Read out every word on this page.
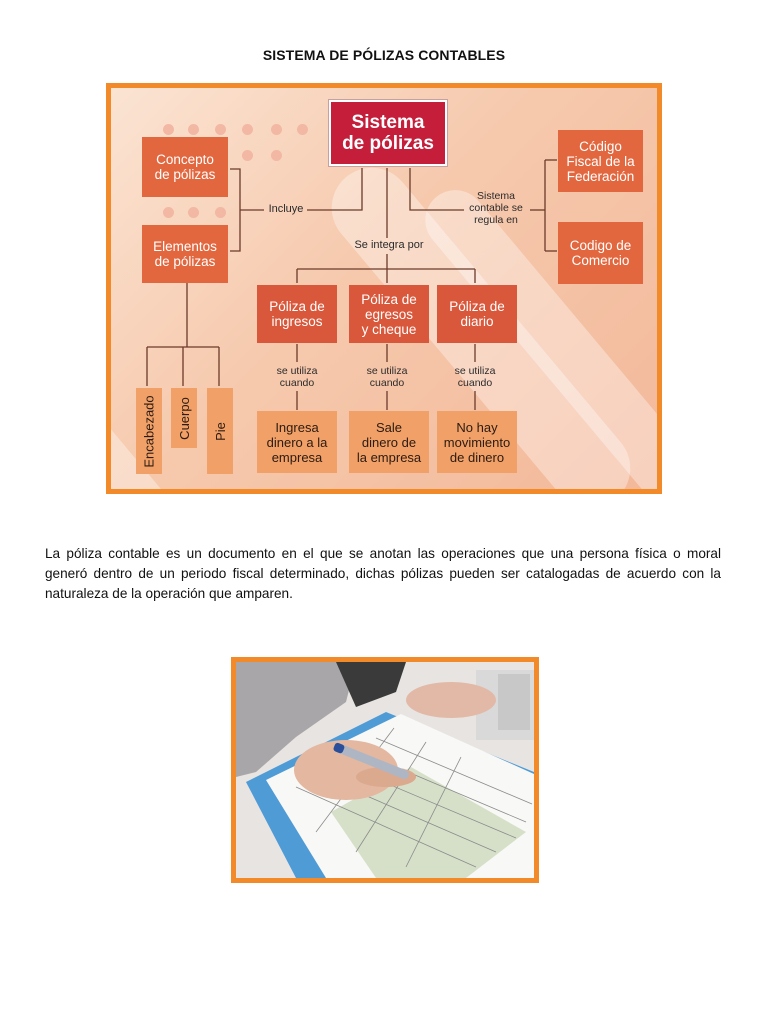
SISTEMA DE PÓLIZAS CONTABLES
Sistema
de pólizas
Concepto
de pólizas
Elementos
de pólizas
Incluye
Se integra por
Sistema
contable se
regula en
Código
Fiscal de la
Federación
Codigo de
Comercio
Póliza de
ingresos
Póliza de
egresos
y cheque
Póliza de
diario
se utiliza
cuando
se utiliza
cuando
se utiliza
cuando
Ingresa
dinero a la
empresa
Sale
dinero de
la empresa
No hay
movimiento
de dinero
Encabezado Cuerpo Pie
La póliza contable es un documento en el que se anotan las operaciones que una persona física o moral generó dentro de un periodo fiscal determinado, dichas pólizas pueden ser catalogadas de acuerdo con la naturaleza de la operación que amparen.
